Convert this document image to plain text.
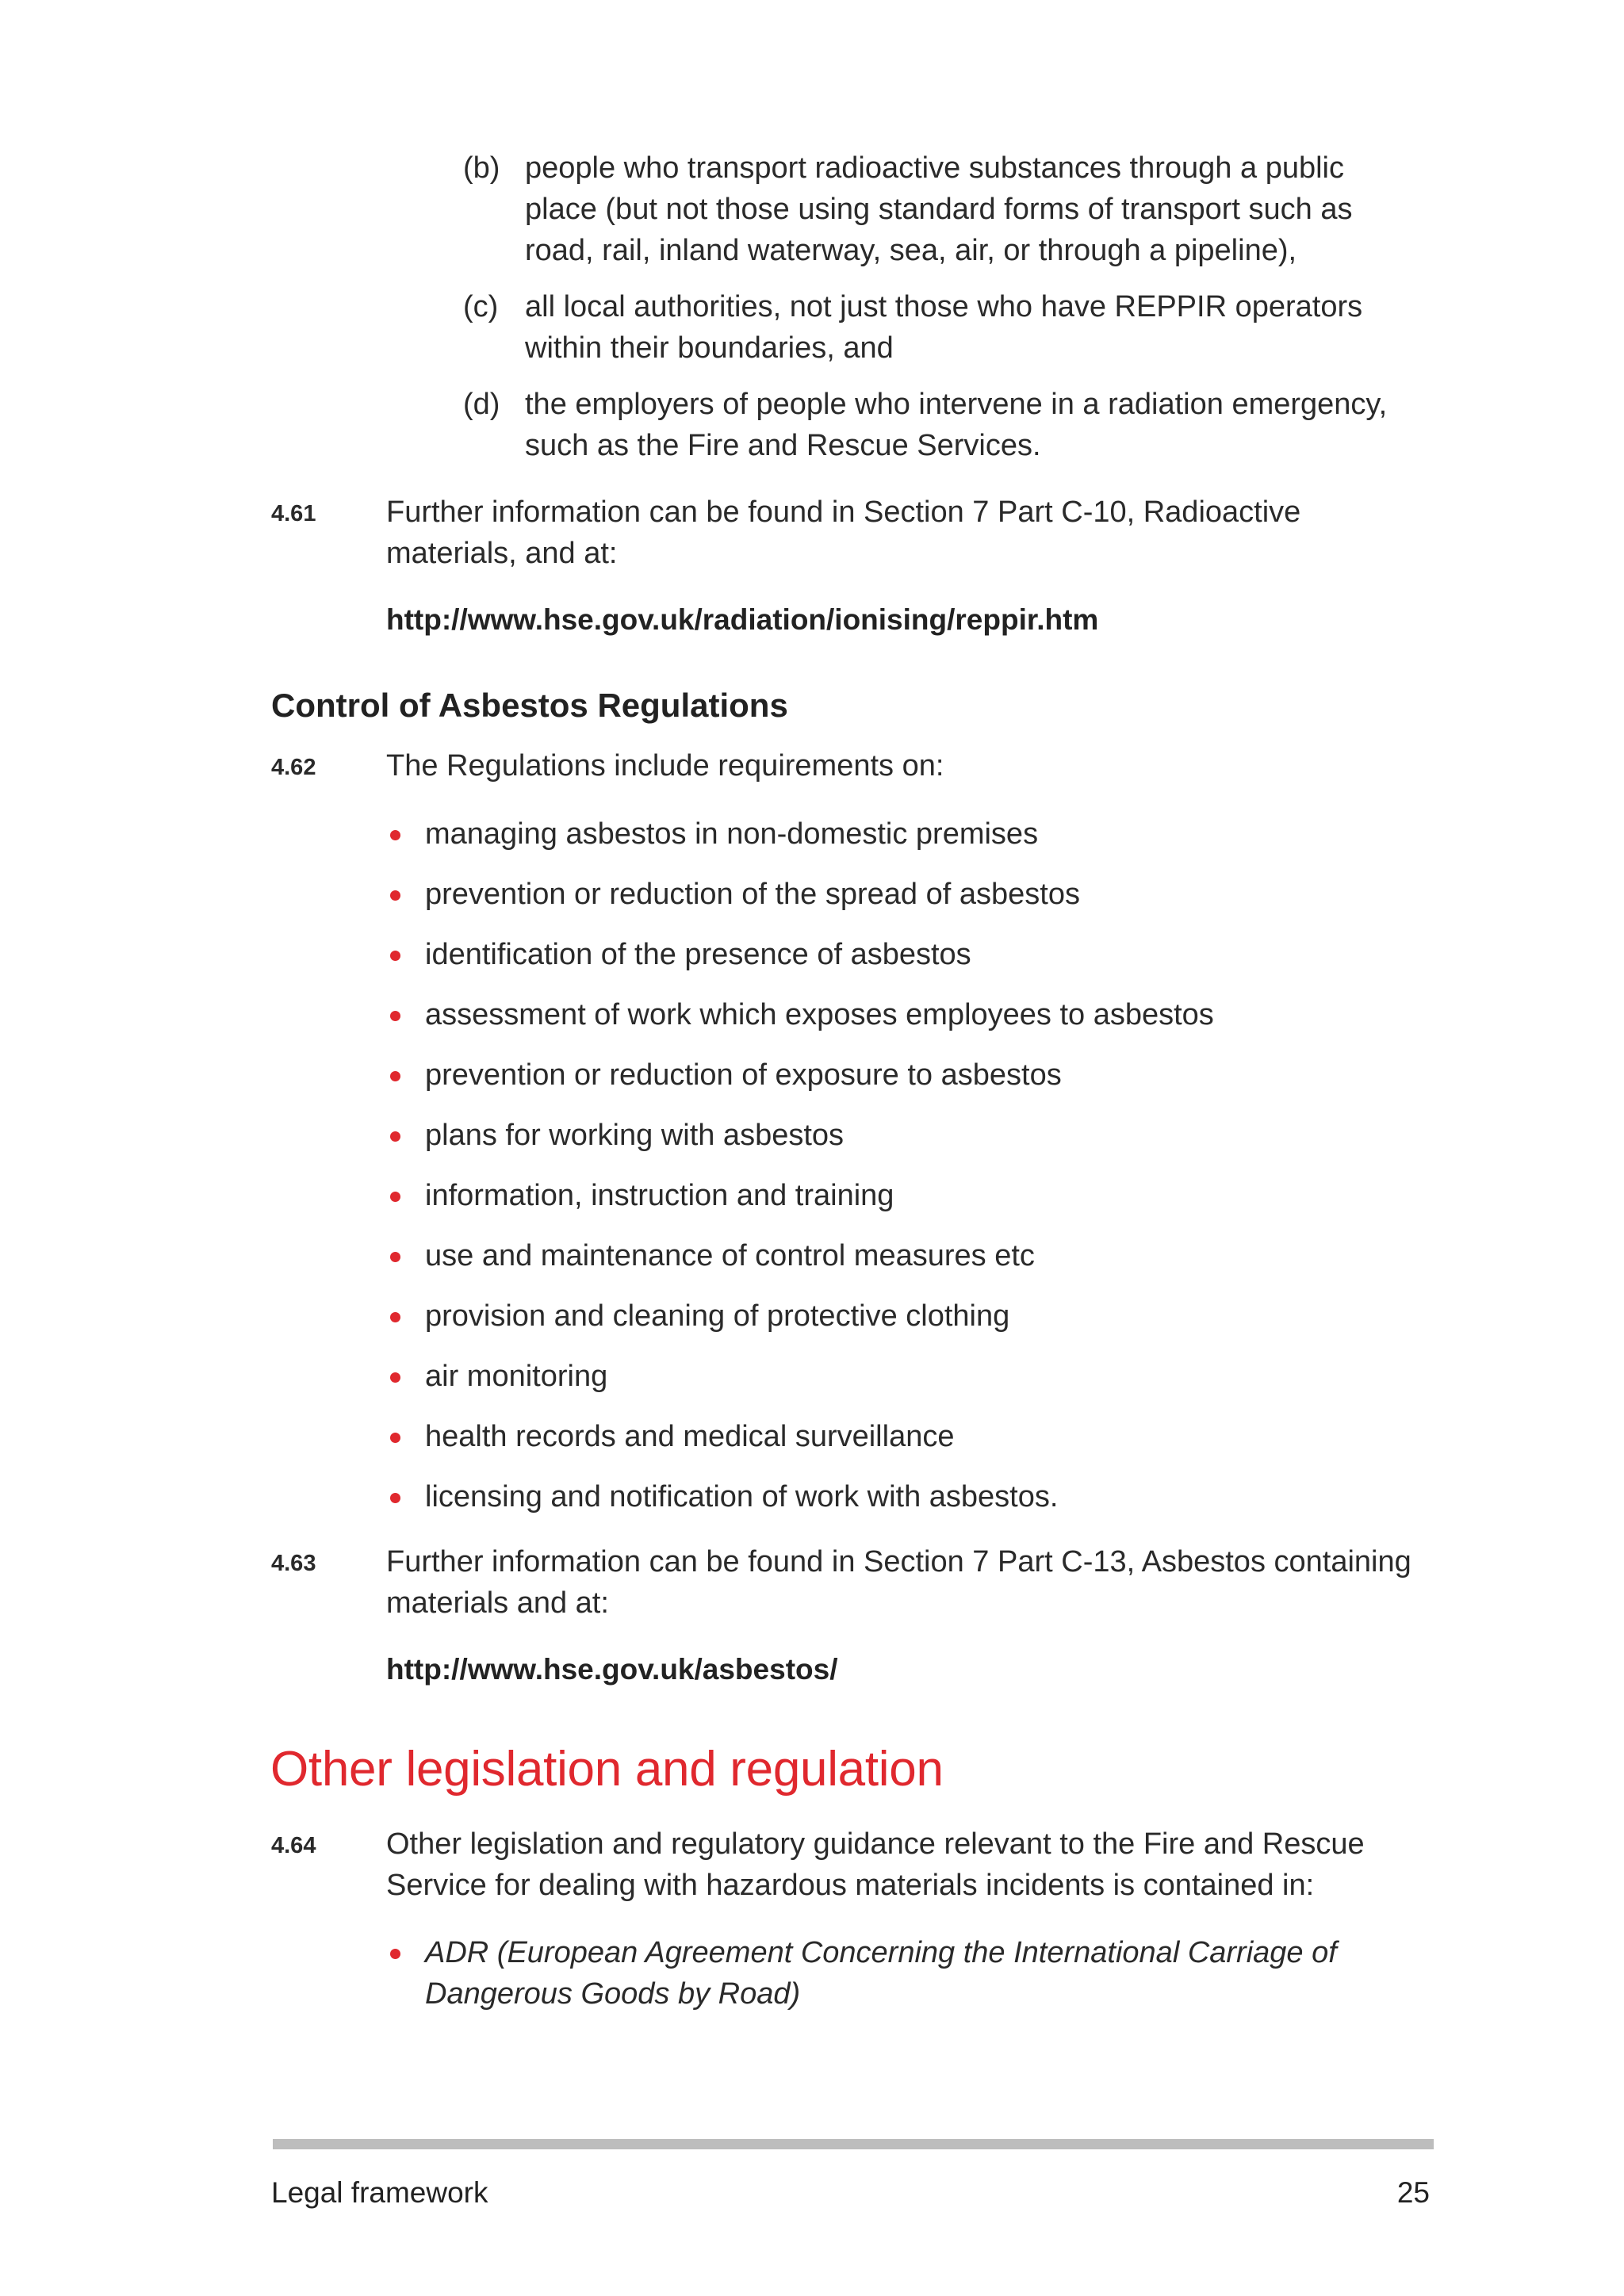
(b) people who transport radioactive substances through a public place (but not those using standard forms of transport such as road, rail, inland waterway, sea, air, or through a pipeline),
(c) all local authorities, not just those who have REPPIR operators within their boundaries, and
(d) the employers of people who intervene in a radiation emergency, such as the Fire and Rescue Services.
4.61 Further information can be found in Section 7 Part C-10, Radioactive materials, and at:
http://www.hse.gov.uk/radiation/ionising/reppir.htm
Control of Asbestos Regulations
4.62 The Regulations include requirements on:
managing asbestos in non-domestic premises
prevention or reduction of the spread of asbestos
identification of the presence of asbestos
assessment of work which exposes employees to asbestos
prevention or reduction of exposure to asbestos
plans for working with asbestos
information, instruction and training
use and maintenance of control measures etc
provision and cleaning of protective clothing
air monitoring
health records and medical surveillance
licensing and notification of work with asbestos.
4.63 Further information can be found in Section 7 Part C-13, Asbestos containing materials and at:
http://www.hse.gov.uk/asbestos/
Other legislation and regulation
4.64 Other legislation and regulatory guidance relevant to the Fire and Rescue Service for dealing with hazardous materials incidents is contained in:
ADR (European Agreement Concerning the International Carriage of Dangerous Goods by Road)
Legal framework	25
